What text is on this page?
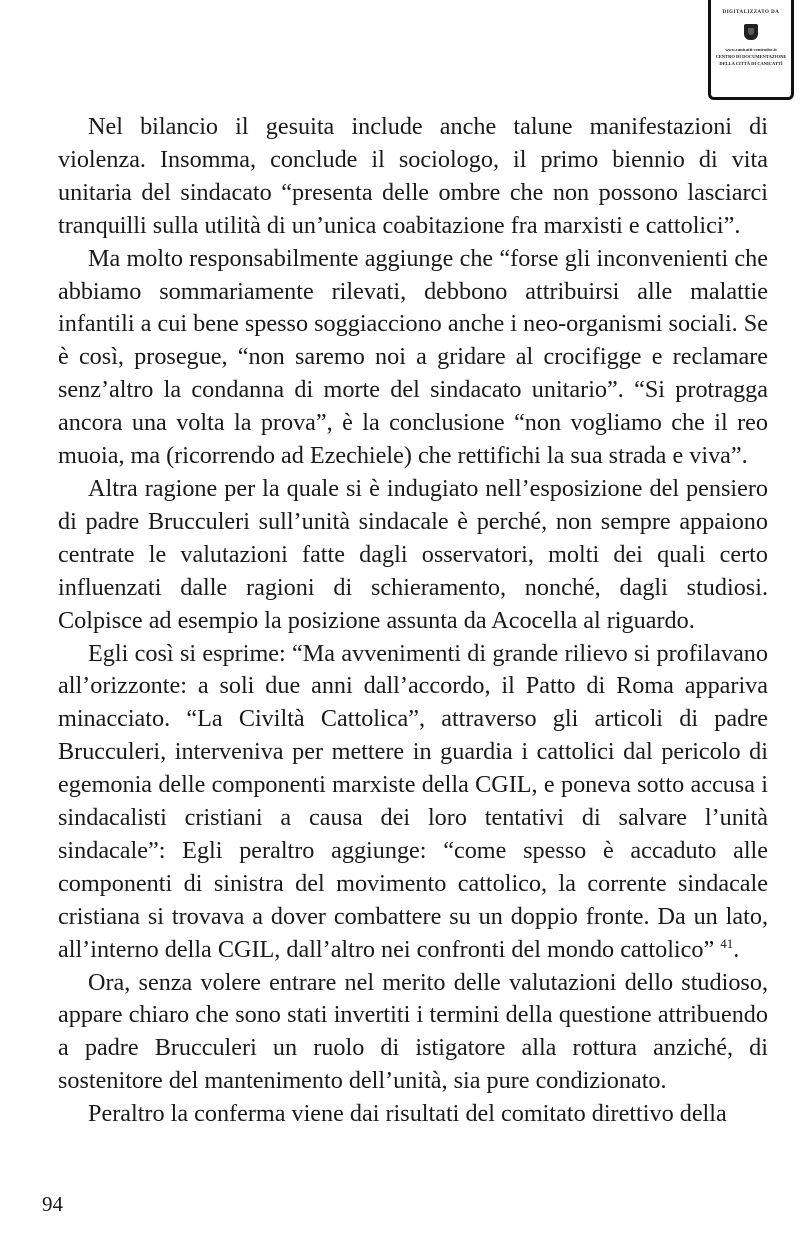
DIGITALIZZATO DA
www.canicatti-centrodoc.it
CENTRO DI DOCUMENTAZIONE
DELLA CITTÀ DI CANICATTÌ

Nel bilancio il gesuita include anche talune manifestazioni di violenza. Insomma, conclude il sociologo, il primo biennio di vita unitaria del sindacato “presenta delle ombre che non possono lasciarci tranquilli sulla utilità di un’unica coabitazione fra marxisti e cattolici”.

Ma molto responsabilmente aggiunge che “forse gli inconvenienti che abbiamo sommariamente rilevati, debbono attribuirsi alle malattie infantili a cui bene spesso soggiacciono anche i neo-organismi sociali. Se è così, prosegue, “non saremo noi a gridare al crocifigge e reclamare senz’altro la condanna di morte del sindacato unitario”. “Si protragga ancora una volta la prova”, è la conclusione “non vogliamo che il reo muoia, ma (ricorrendo ad Ezechiele) che rettifichi la sua strada e viva”.

Altra ragione per la quale si è indugiato nell’esposizione del pensiero di padre Brucculeri sull’unità sindacale è perché, non sempre appaiono centrate le valutazioni fatte dagli osservatori, molti dei quali certo influenzati dalle ragioni di schieramento, nonché, dagli studiosi. Colpisce ad esempio la posizione assunta da Acocella al riguardo.

Egli così si esprime: “Ma avvenimenti di grande rilievo si profilavano all’orizzonte: a soli due anni dall’accordo, il Patto di Roma appariva minacciato. “La Civiltà Cattolica”, attraverso gli articoli di padre Brucculeri, interveniva per mettere in guardia i cattolici dal pericolo di egemonia delle componenti marxiste della CGIL, e poneva sotto accusa i sindacalisti cristiani a causa dei loro tentativi di salvare l’unità sindacale”: Egli peraltro aggiunge: “come spesso è accaduto alle componenti di sinistra del movimento cattolico, la corrente sindacale cristiana si trovava a dover combattere su un doppio fronte. Da un lato, all’interno della CGIL, dall’altro nei confronti del mondo cattolico” $^{41}$.

Ora, senza volere entrare nel merito delle valutazioni dello studioso, appare chiaro che sono stati invertiti i termini della questione attribuendo a padre Brucculeri un ruolo di istigatore alla rottura anziché, di sostenitore del mantenimento dell’unità, sia pure condizionato.

Peraltro la conferma viene dai risultati del comitato direttivo della

94
